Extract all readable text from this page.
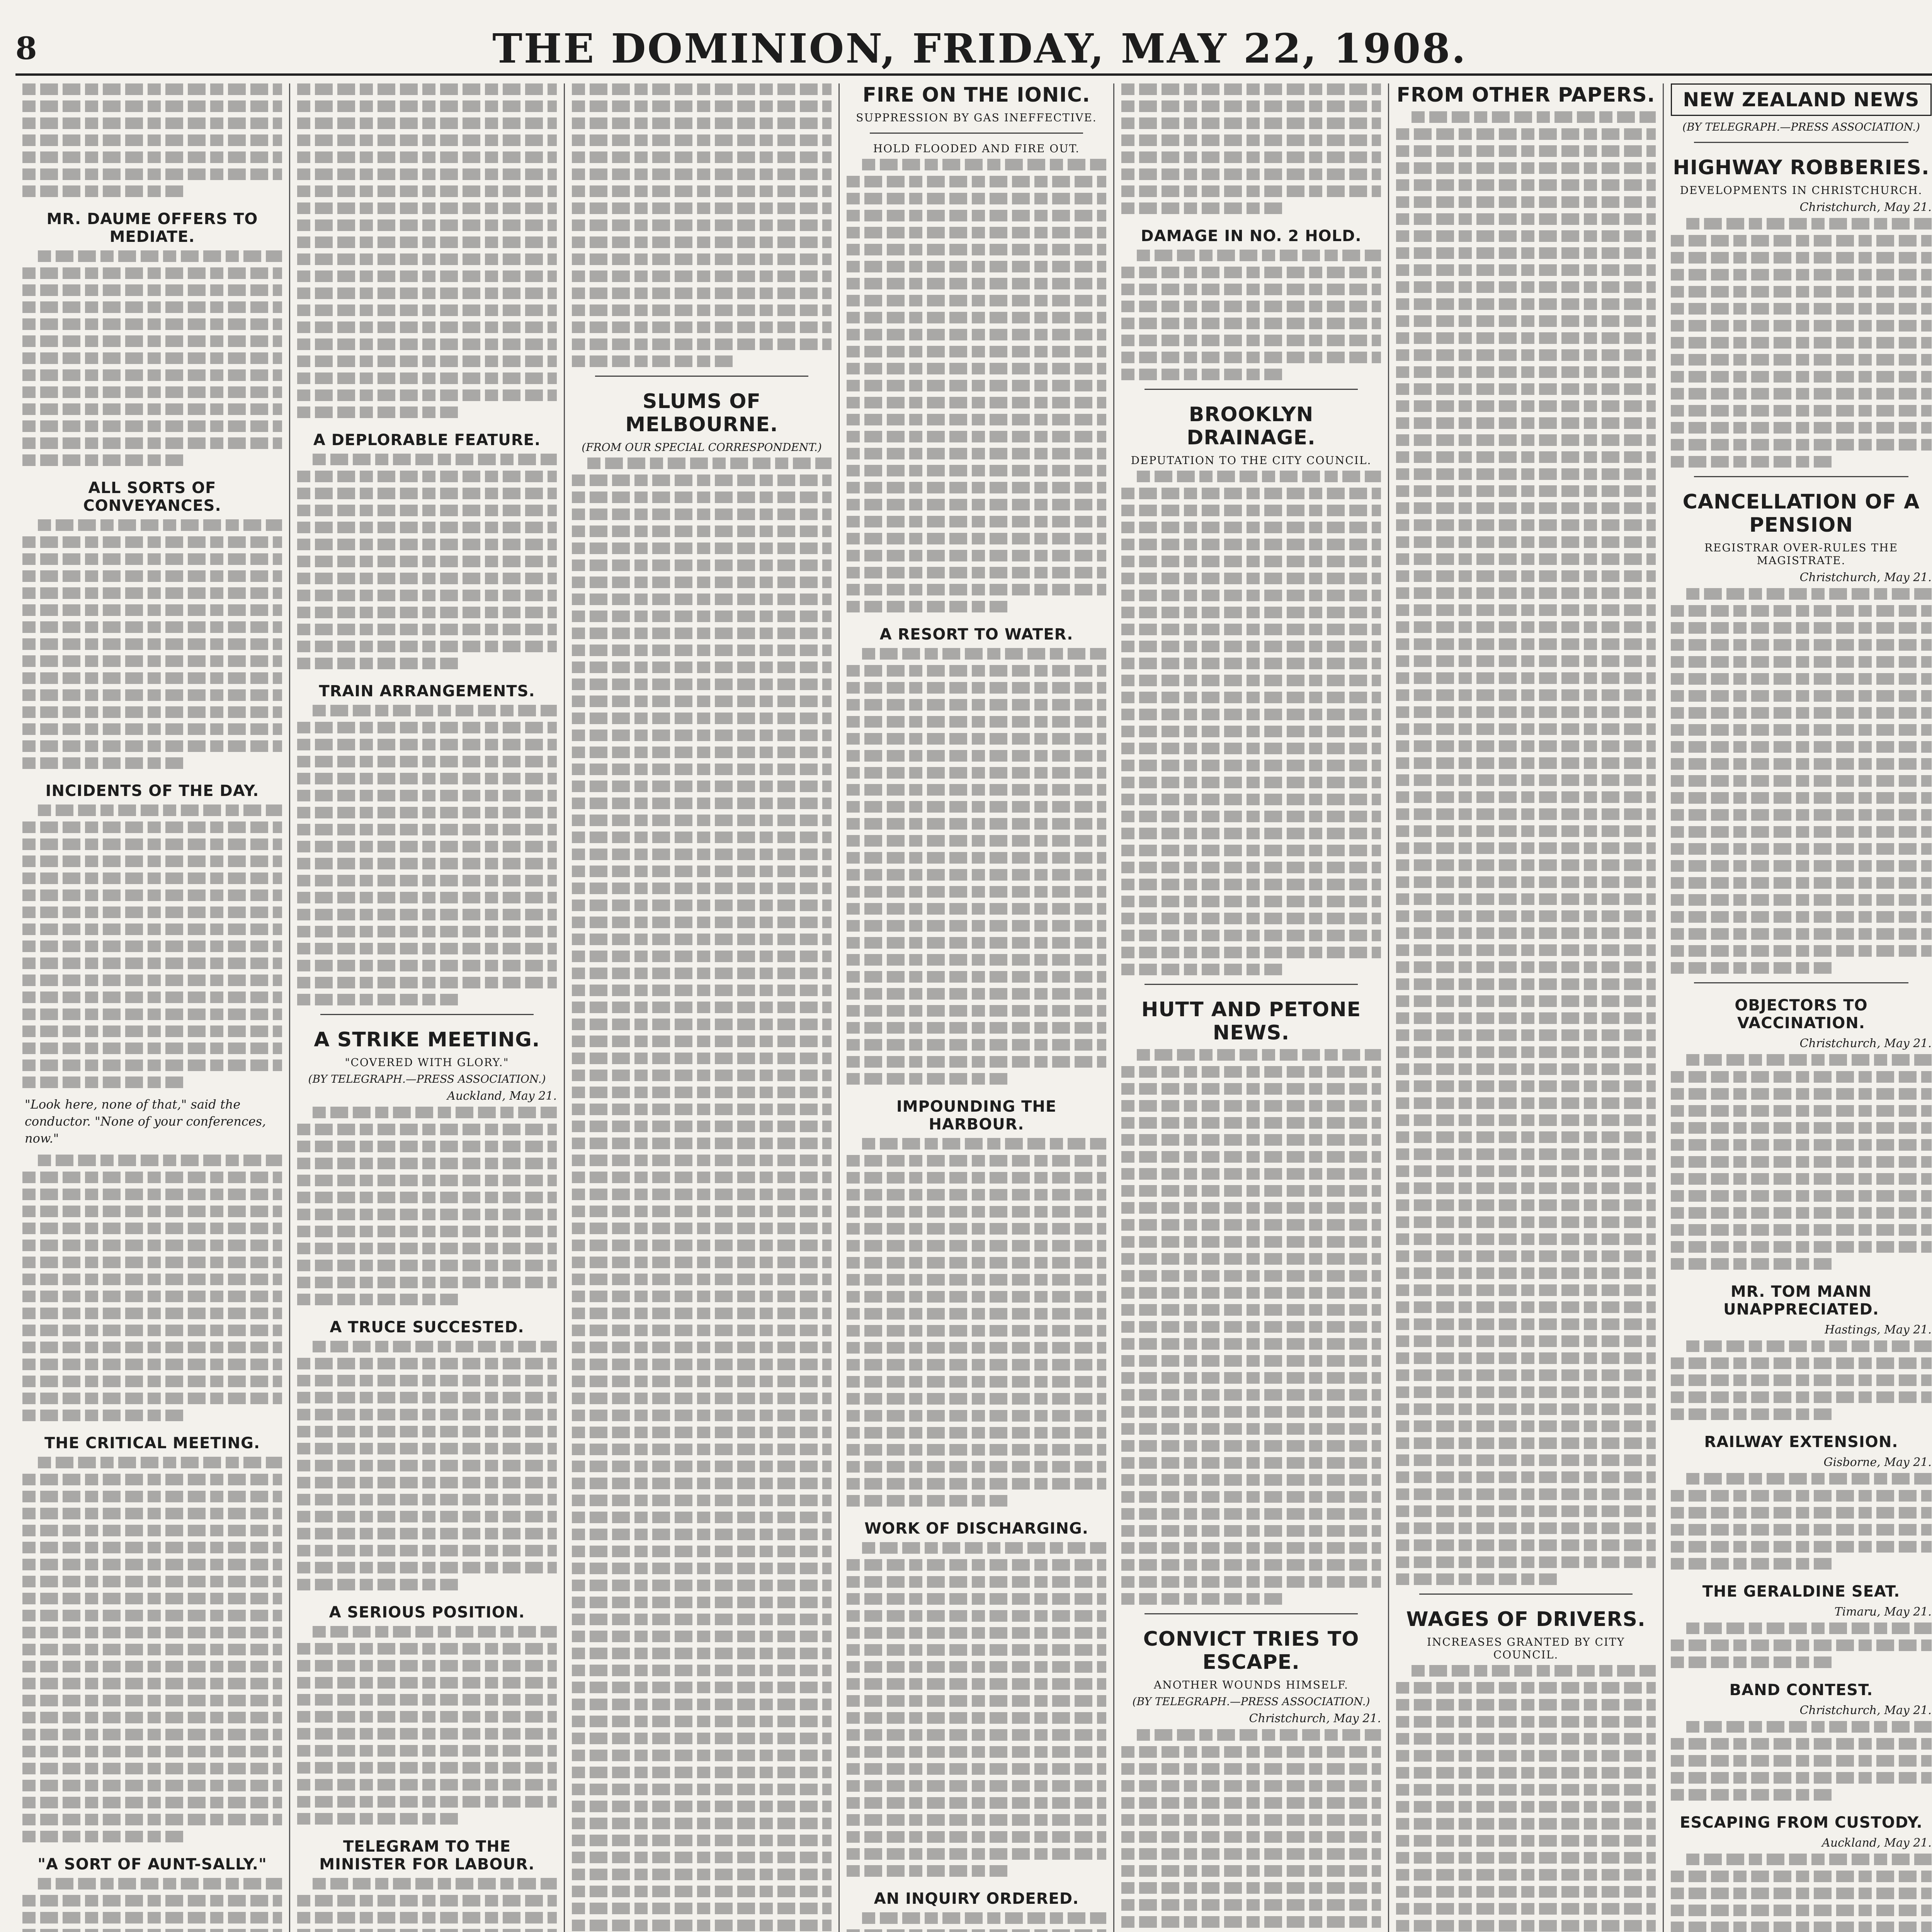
8	THE DOMINION, FRIDAY, MAY 22, 1908.
MR. DAUME OFFERS TO MEDIATE.
ALL SORTS OF CONVEYANCES.
INCIDENTS OF THE DAY.
"Look here, none of that," said the conductor. "None of your conferences, now."
THE CRITICAL MEETING.
"A SORT OF AUNT-SALLY."
A DEPLORABLE FEATURE.
TRAIN ARRANGEMENTS.
A STRIKE MEETING.
"COVERED WITH GLORY."
(BY TELEGRAPH.—PRESS ASSOCIATION.)
Auckland, May 21.
A TRUCE SUCCESTED.
A SERIOUS POSITION.
TELEGRAM TO THE MINISTER FOR LABOUR.
SLUMS OF MELBOURNE.
(FROM OUR SPECIAL CORRESPONDENT.)
FIRE ON THE IONIC.
SUPPRESSION BY GAS INEFFECTIVE.
HOLD FLOODED AND FIRE OUT.
A RESORT TO WATER.
IMPOUNDING THE HARBOUR.
WORK OF DISCHARGING.
AN INQUIRY ORDERED.
DAMAGE IN NO. 2 HOLD.
BROOKLYN DRAINAGE.
DEPUTATION TO THE CITY COUNCIL.
HUTT AND PETONE NEWS.
CONVICT TRIES TO ESCAPE.
ANOTHER WOUNDS HIMSELF.
(BY TELEGRAPH.—PRESS ASSOCIATION.)
Christchurch, May 21.

FROM OTHER PAPERS.
WAGES OF DRIVERS.
INCREASES GRANTED BY CITY COUNCIL.
NEW ZEALAND NEWS
(BY TELEGRAPH.—PRESS ASSOCIATION.)
HIGHWAY ROBBERIES.
DEVELOPMENTS IN CHRISTCHURCH.
Christchurch, May 21.
CANCELLATION OF A PENSION
REGISTRAR OVER-RULES THE MAGISTRATE.
Christchurch, May 21.
OBJECTORS TO VACCINATION.
Christchurch, May 21.
MR. TOM MANN UNAPPRECIATED.
Hastings, May 21.
RAILWAY EXTENSION.
Gisborne, May 21.
THE GERALDINE SEAT.
Timaru, May 21.
BAND CONTEST.
Christchurch, May 21.
ESCAPING FROM CUSTODY.
Auckland, May 21.
